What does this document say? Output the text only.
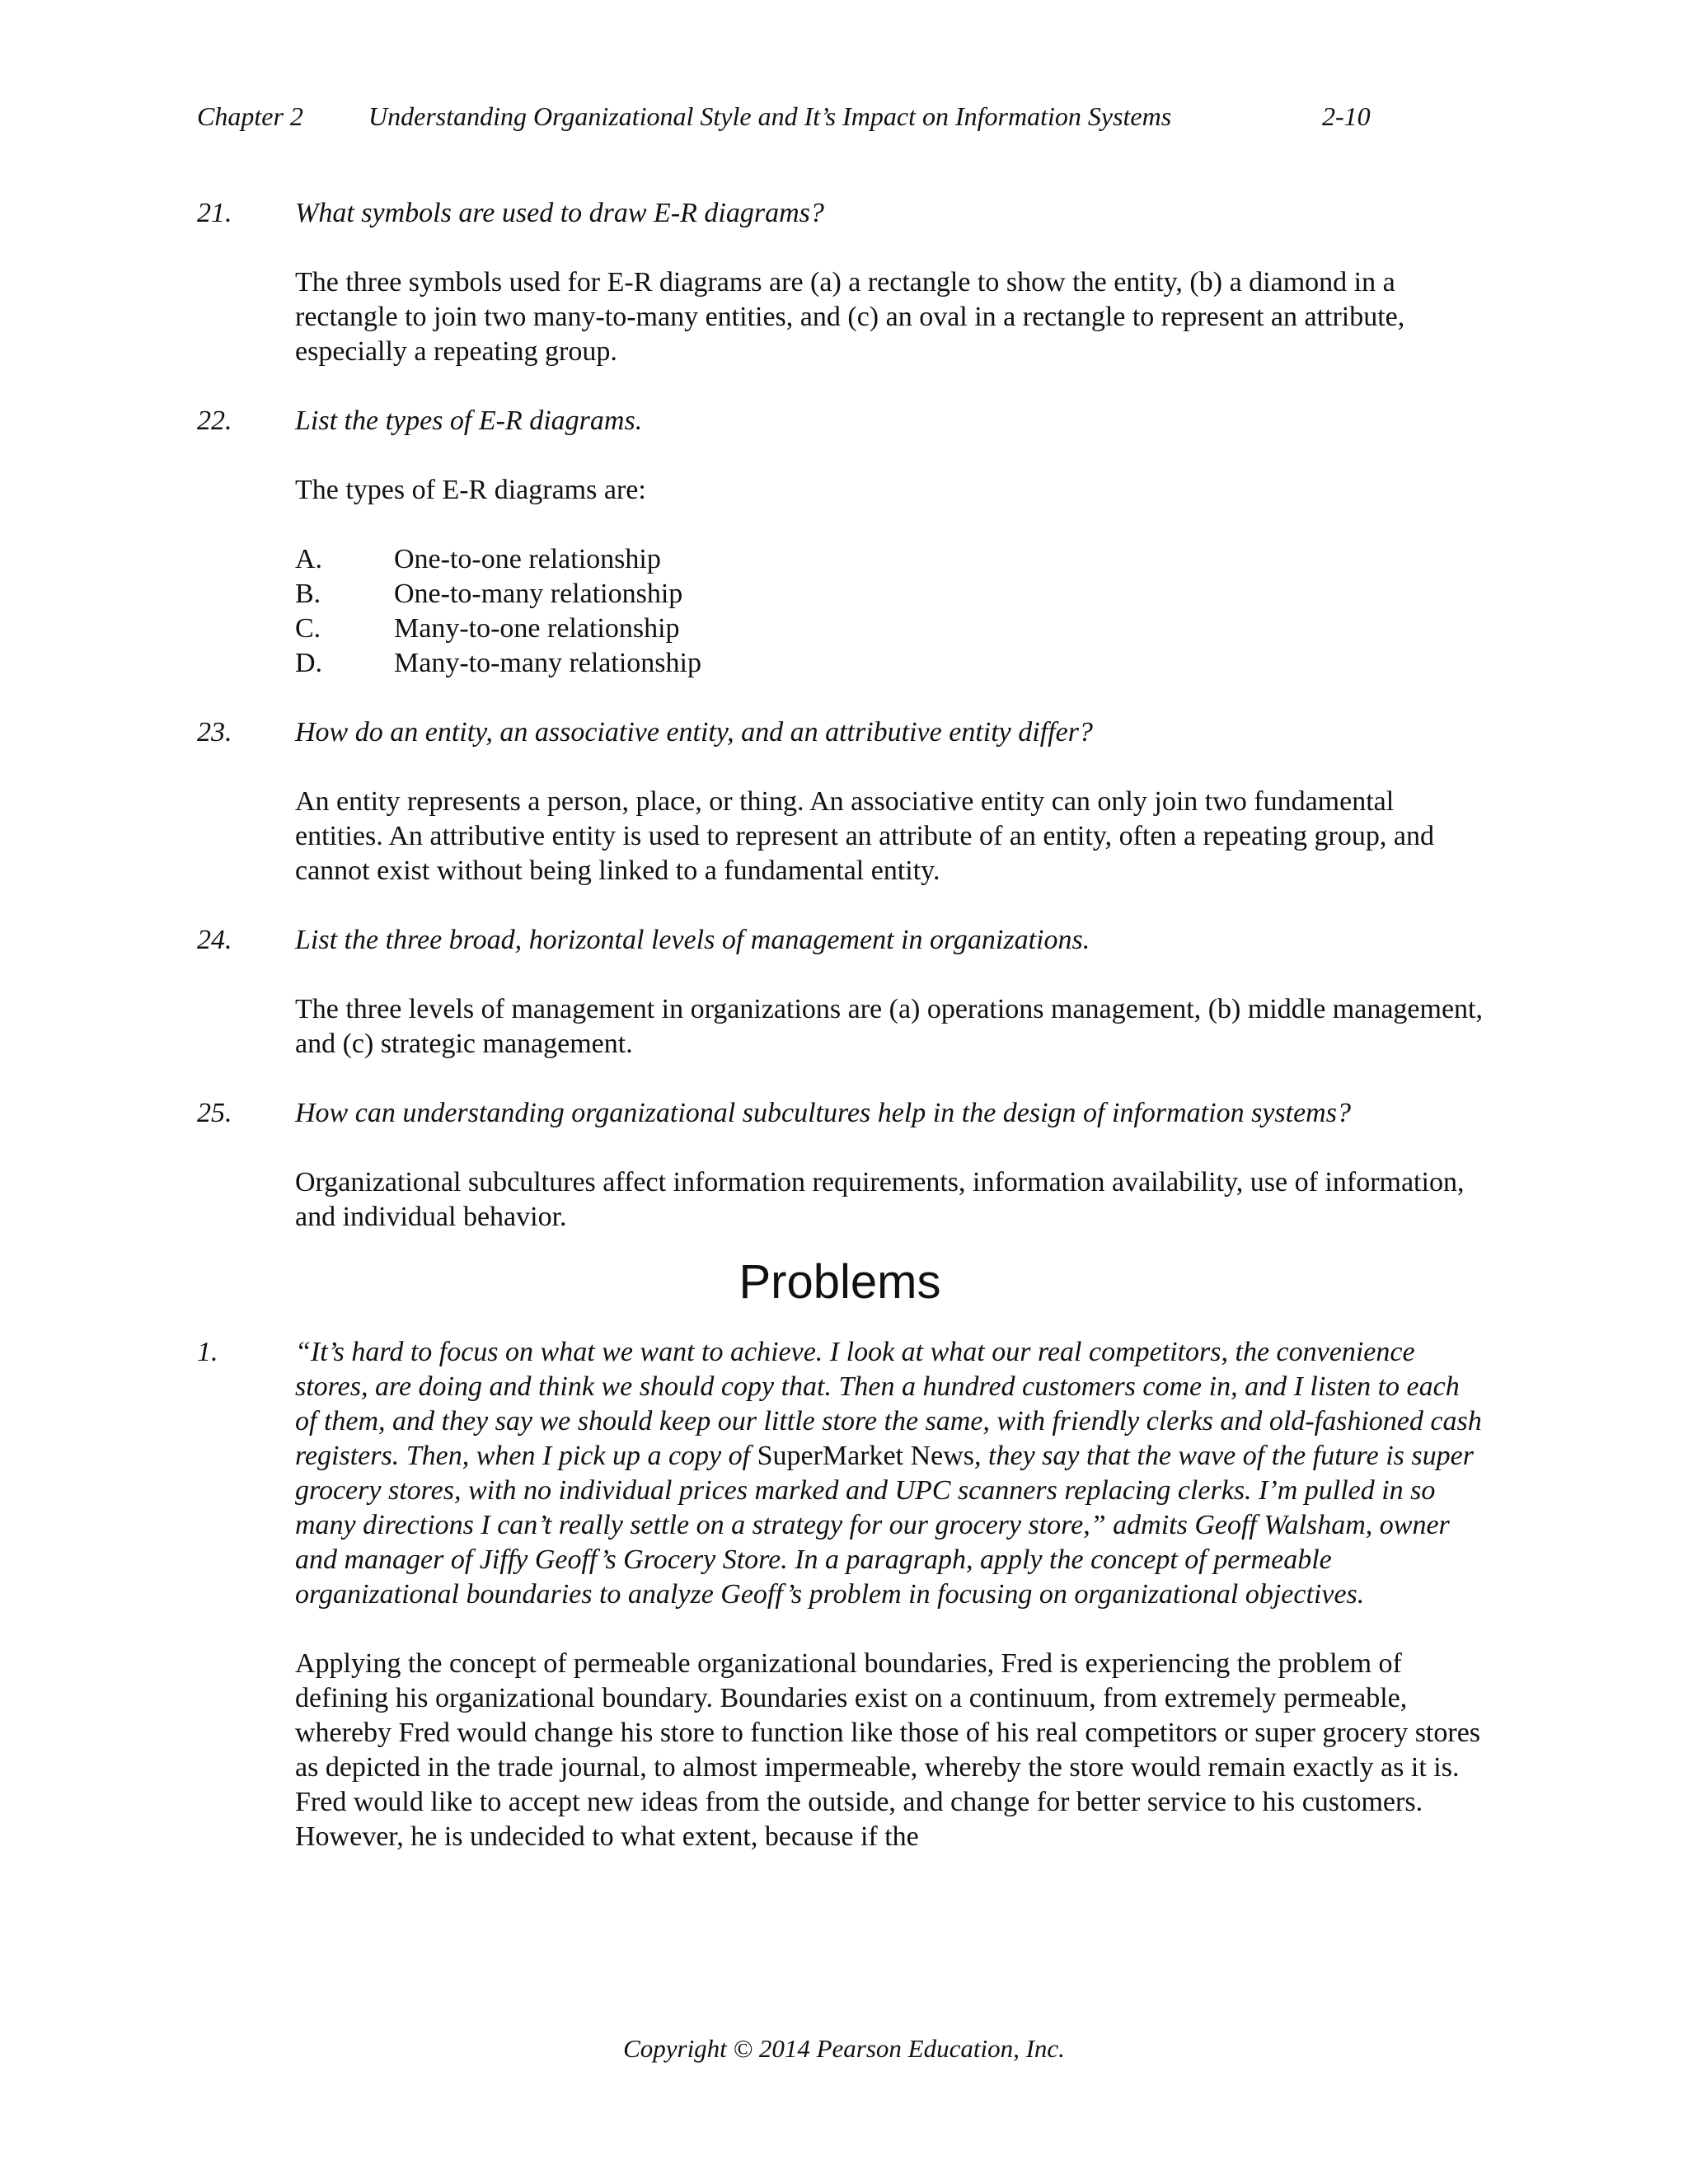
Chapter 2 Understanding Organizational Style and It’s Impact on Information Systems	2-10
21. What symbols are used to draw E-R diagrams?
The three symbols used for E-R diagrams are (a) a rectangle to show the entity, (b) a diamond in a rectangle to join two many-to-many entities, and (c) an oval in a rectangle to represent an attribute, especially a repeating group.
22. List the types of E-R diagrams.
The types of E-R diagrams are:
A.	One-to-one relationship
B.	One-to-many relationship
C.	Many-to-one relationship
D.	Many-to-many relationship
23. How do an entity, an associative entity, and an attributive entity differ?
An entity represents a person, place, or thing. An associative entity can only join two fundamental entities. An attributive entity is used to represent an attribute of an entity, often a repeating group, and cannot exist without being linked to a fundamental entity.
24. List the three broad, horizontal levels of management in organizations.
The three levels of management in organizations are (a) operations management, (b) middle management, and (c) strategic management.
25. How can understanding organizational subcultures help in the design of information systems?
Organizational subcultures affect information requirements, information availability, use of information, and individual behavior.
Problems
1.	“It’s hard to focus on what we want to achieve. I look at what our real competitors, the convenience stores, are doing and think we should copy that. Then a hundred customers come in, and I listen to each of them, and they say we should keep our little store the same, with friendly clerks and old-fashioned cash registers. Then, when I pick up a copy of SuperMarket News, they say that the wave of the future is super grocery stores, with no individual prices marked and UPC scanners replacing clerks. I’m pulled in so many directions I can’t really settle on a strategy for our grocery store,” admits Geoff Walsham, owner and manager of Jiffy Geoff’s Grocery Store. In a paragraph, apply the concept of permeable organizational boundaries to analyze Geoff’s problem in focusing on organizational objectives.
Applying the concept of permeable organizational boundaries, Fred is experiencing the problem of defining his organizational boundary. Boundaries exist on a continuum, from extremely permeable, whereby Fred would change his store to function like those of his real competitors or super grocery stores as depicted in the trade journal, to almost impermeable, whereby the store would remain exactly as it is. Fred would like to accept new ideas from the outside, and change for better service to his customers. However, he is undecided to what extent, because if the
Copyright © 2014 Pearson Education, Inc.
